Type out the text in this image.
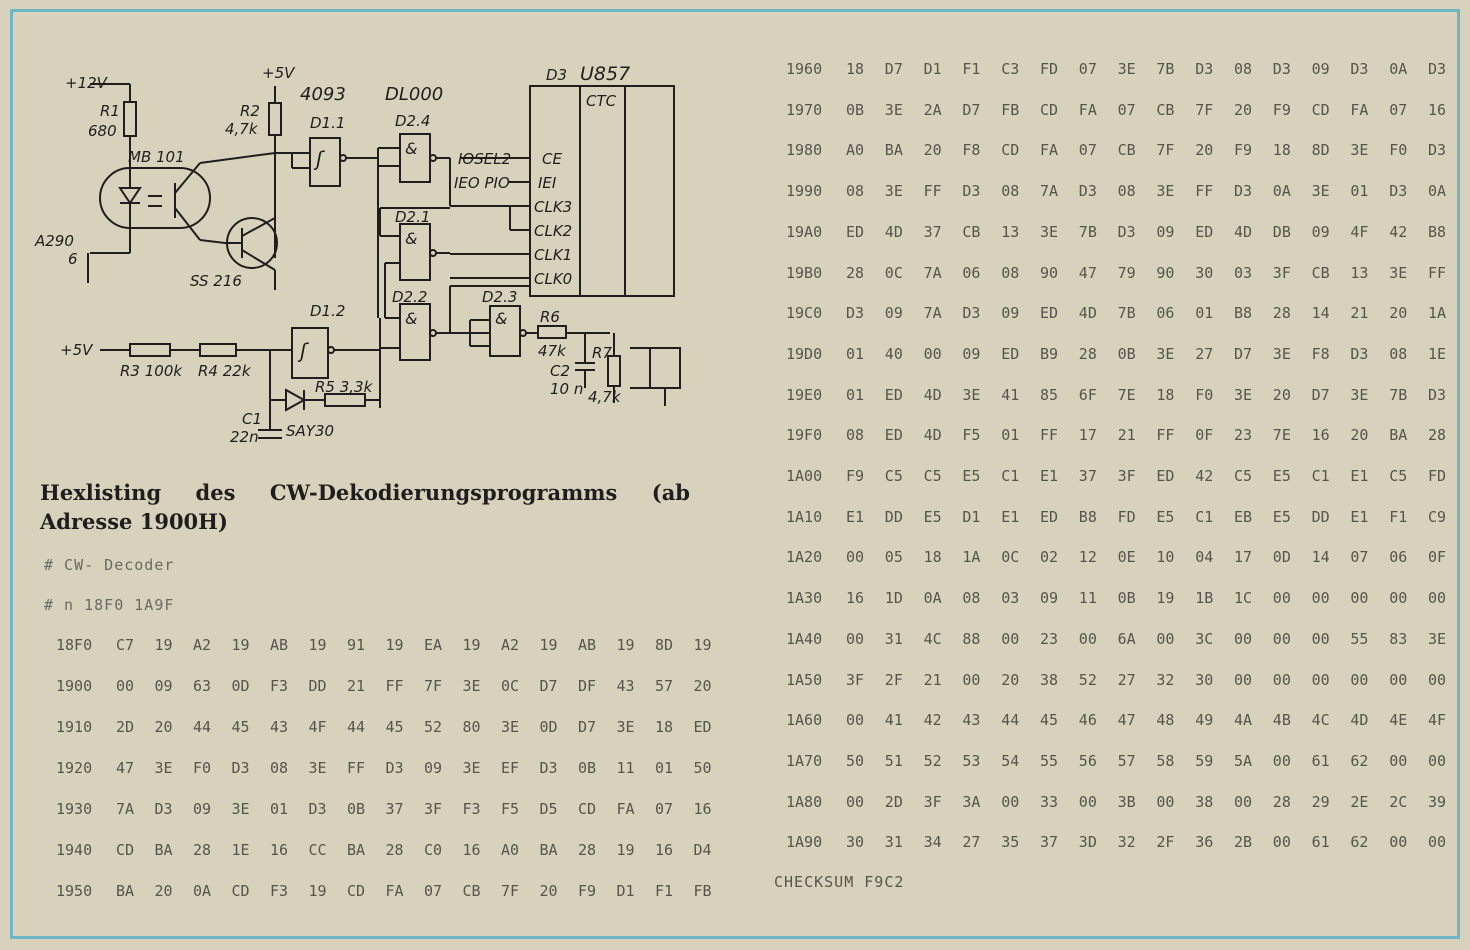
+12V
+5V
R1
680
R2
4,7k
MB 101
A290
6
SS 216
4093 DL000
D1.1	D2.4
D2.1
D2.2	D2.3
D1.2
D3 U857
CTC
IOSEL2
IEO PIO
CE
IEI
CLK3
CLK2
CLK1
CLK0
R6
47k R7
4,7k
C2
10 n
+5V
R3 100k R4 22k
R5 3,3k
C1
22n SAY30
ʃ
ʃ
&
&
&	&
Hexlisting des CW-Dekodierungsprogramms (ab Adresse 1900H)
# CW- Decoder
# n 18F0 1A9F
18F0 C7 19 A2 19 AB 19 91 19 EA 19 A2 19 AB 19 8D 19
1900 00 09 63 0D F3 DD 21 FF 7F 3E 0C D7 DF 43 57 20
1910 2D 20 44 45 43 4F 44 45 52 80 3E 0D D7 3E 18 ED
1920 47 3E F0 D3 08 3E FF D3 09 3E EF D3 0B 11 01 50
1930 7A D3 09 3E 01 D3 0B 37 3F F3 F5 D5 CD FA 07 16
1940 CD BA 28 1E 16 CC BA 28 C0 16 A0 BA 28 19 16 D4
1950 BA 20 0A CD F3 19 CD FA 07 CB 7F 20 F9 D1 F1 FB
1960 18 D7 D1 F1 C3 FD 07 3E 7B D3 08 D3 09 D3 0A D3
1970 0B 3E 2A D7 FB CD FA 07 CB 7F 20 F9 CD FA 07 16
1980 A0 BA 20 F8 CD FA 07 CB 7F 20 F9 18 8D 3E F0 D3
1990 08 3E FF D3 08 7A D3 08 3E FF D3 0A 3E 01 D3 0A
19A0 ED 4D 37 CB 13 3E 7B D3 09 ED 4D DB 09 4F 42 B8
19B0 28 0C 7A 06 08 90 47 79 90 30 03 3F CB 13 3E FF
19C0 D3 09 7A D3 09 ED 4D 7B 06 01 B8 28 14 21 20 1A
19D0 01 40 00 09 ED B9 28 0B 3E 27 D7 3E F8 D3 08 1E
19E0 01 ED 4D 3E 41 85 6F 7E 18 F0 3E 20 D7 3E 7B D3
19F0 08 ED 4D F5 01 FF 17 21 FF 0F 23 7E 16 20 BA 28
1A00 F9 C5 C5 E5 C1 E1 37 3F ED 42 C5 E5 C1 E1 C5 FD
1A10 E1 DD E5 D1 E1 ED B8 FD E5 C1 EB E5 DD E1 F1 C9
1A20 00 05 18 1A 0C 02 12 0E 10 04 17 0D 14 07 06 0F
1A30 16 1D 0A 08 03 09 11 0B 19 1B 1C 00 00 00 00 00
1A40 00 31 4C 88 00 23 00 6A 00 3C 00 00 00 55 83 3E
1A50 3F 2F 21 00 20 38 52 27 32 30 00 00 00 00 00 00
1A60 00 41 42 43 44 45 46 47 48 49 4A 4B 4C 4D 4E 4F
1A70 50 51 52 53 54 55 56 57 58 59 5A 00 61 62 00 00
1A80 00 2D 3F 3A 00 33 00 3B 00 38 00 28 29 2E 2C 39
1A90 30 31 34 27 35 37 3D 32 2F 36 2B 00 61 62 00 00
CHECKSUM F9C2
